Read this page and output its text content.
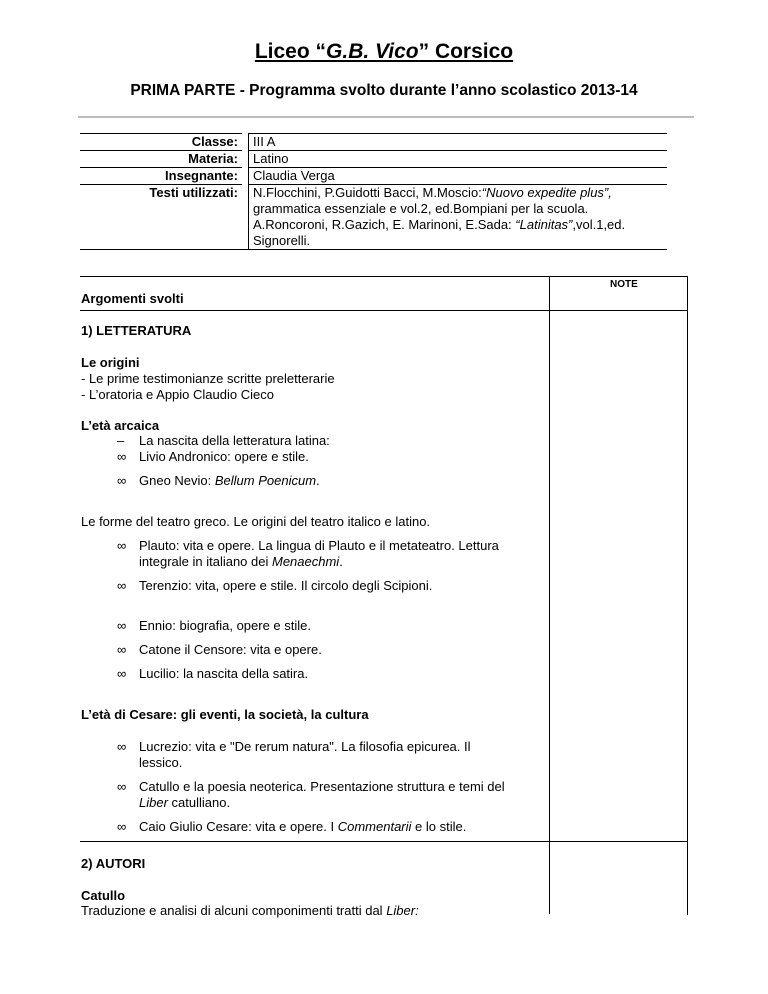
Liceo “G.B. Vico” Corsico
PRIMA PARTE - Programma svolto durante l’anno scolastico 2013-14
Classe:	III A
Materia:	Latino
Insegnante:	Claudia Verga
Testi utilizzati:	N.Flocchini, P.Guidotti Bacci, M.Moscio:“Nuovo expedite plus”,
grammatica essenziale e vol.2, ed.Bompiani per la scuola.
A.Roncoroni, R.Gazich, E. Marinoni, E.Sada: “Latinitas”,vol.1,ed.
Signorelli.
NOTE
Argomenti svolti
1) LETTERATURA
Le origini
- Le prime testimonianze scritte preletterarie
- L’oratoria e Appio Claudio Cieco
L’età arcaica
– La nascita della letteratura latina:
∞ Livio Andronico: opere e stile.
∞ Gneo Nevio: Bellum Poenicum.
Le forme del teatro greco. Le origini del teatro italico e latino.
∞ Plauto: vita e opere. La lingua di Plauto e il metateatro. Lettura
integrale in italiano dei Menaechmi.
∞ Terenzio: vita, opere e stile. Il circolo degli Scipioni.
∞ Ennio: biografia, opere e stile.
∞ Catone il Censore: vita e opere.
∞ Lucilio: la nascita della satira.
L’età di Cesare: gli eventi, la società, la cultura
∞ Lucrezio: vita e "De rerum natura". La filosofia epicurea. Il
lessico.
∞ Catullo e la poesia neoterica. Presentazione struttura e temi del
Liber catulliano.
∞ Caio Giulio Cesare: vita e opere. I Commentarii e lo stile.
2) AUTORI
Catullo
Traduzione e analisi di alcuni componimenti tratti dal Liber:
